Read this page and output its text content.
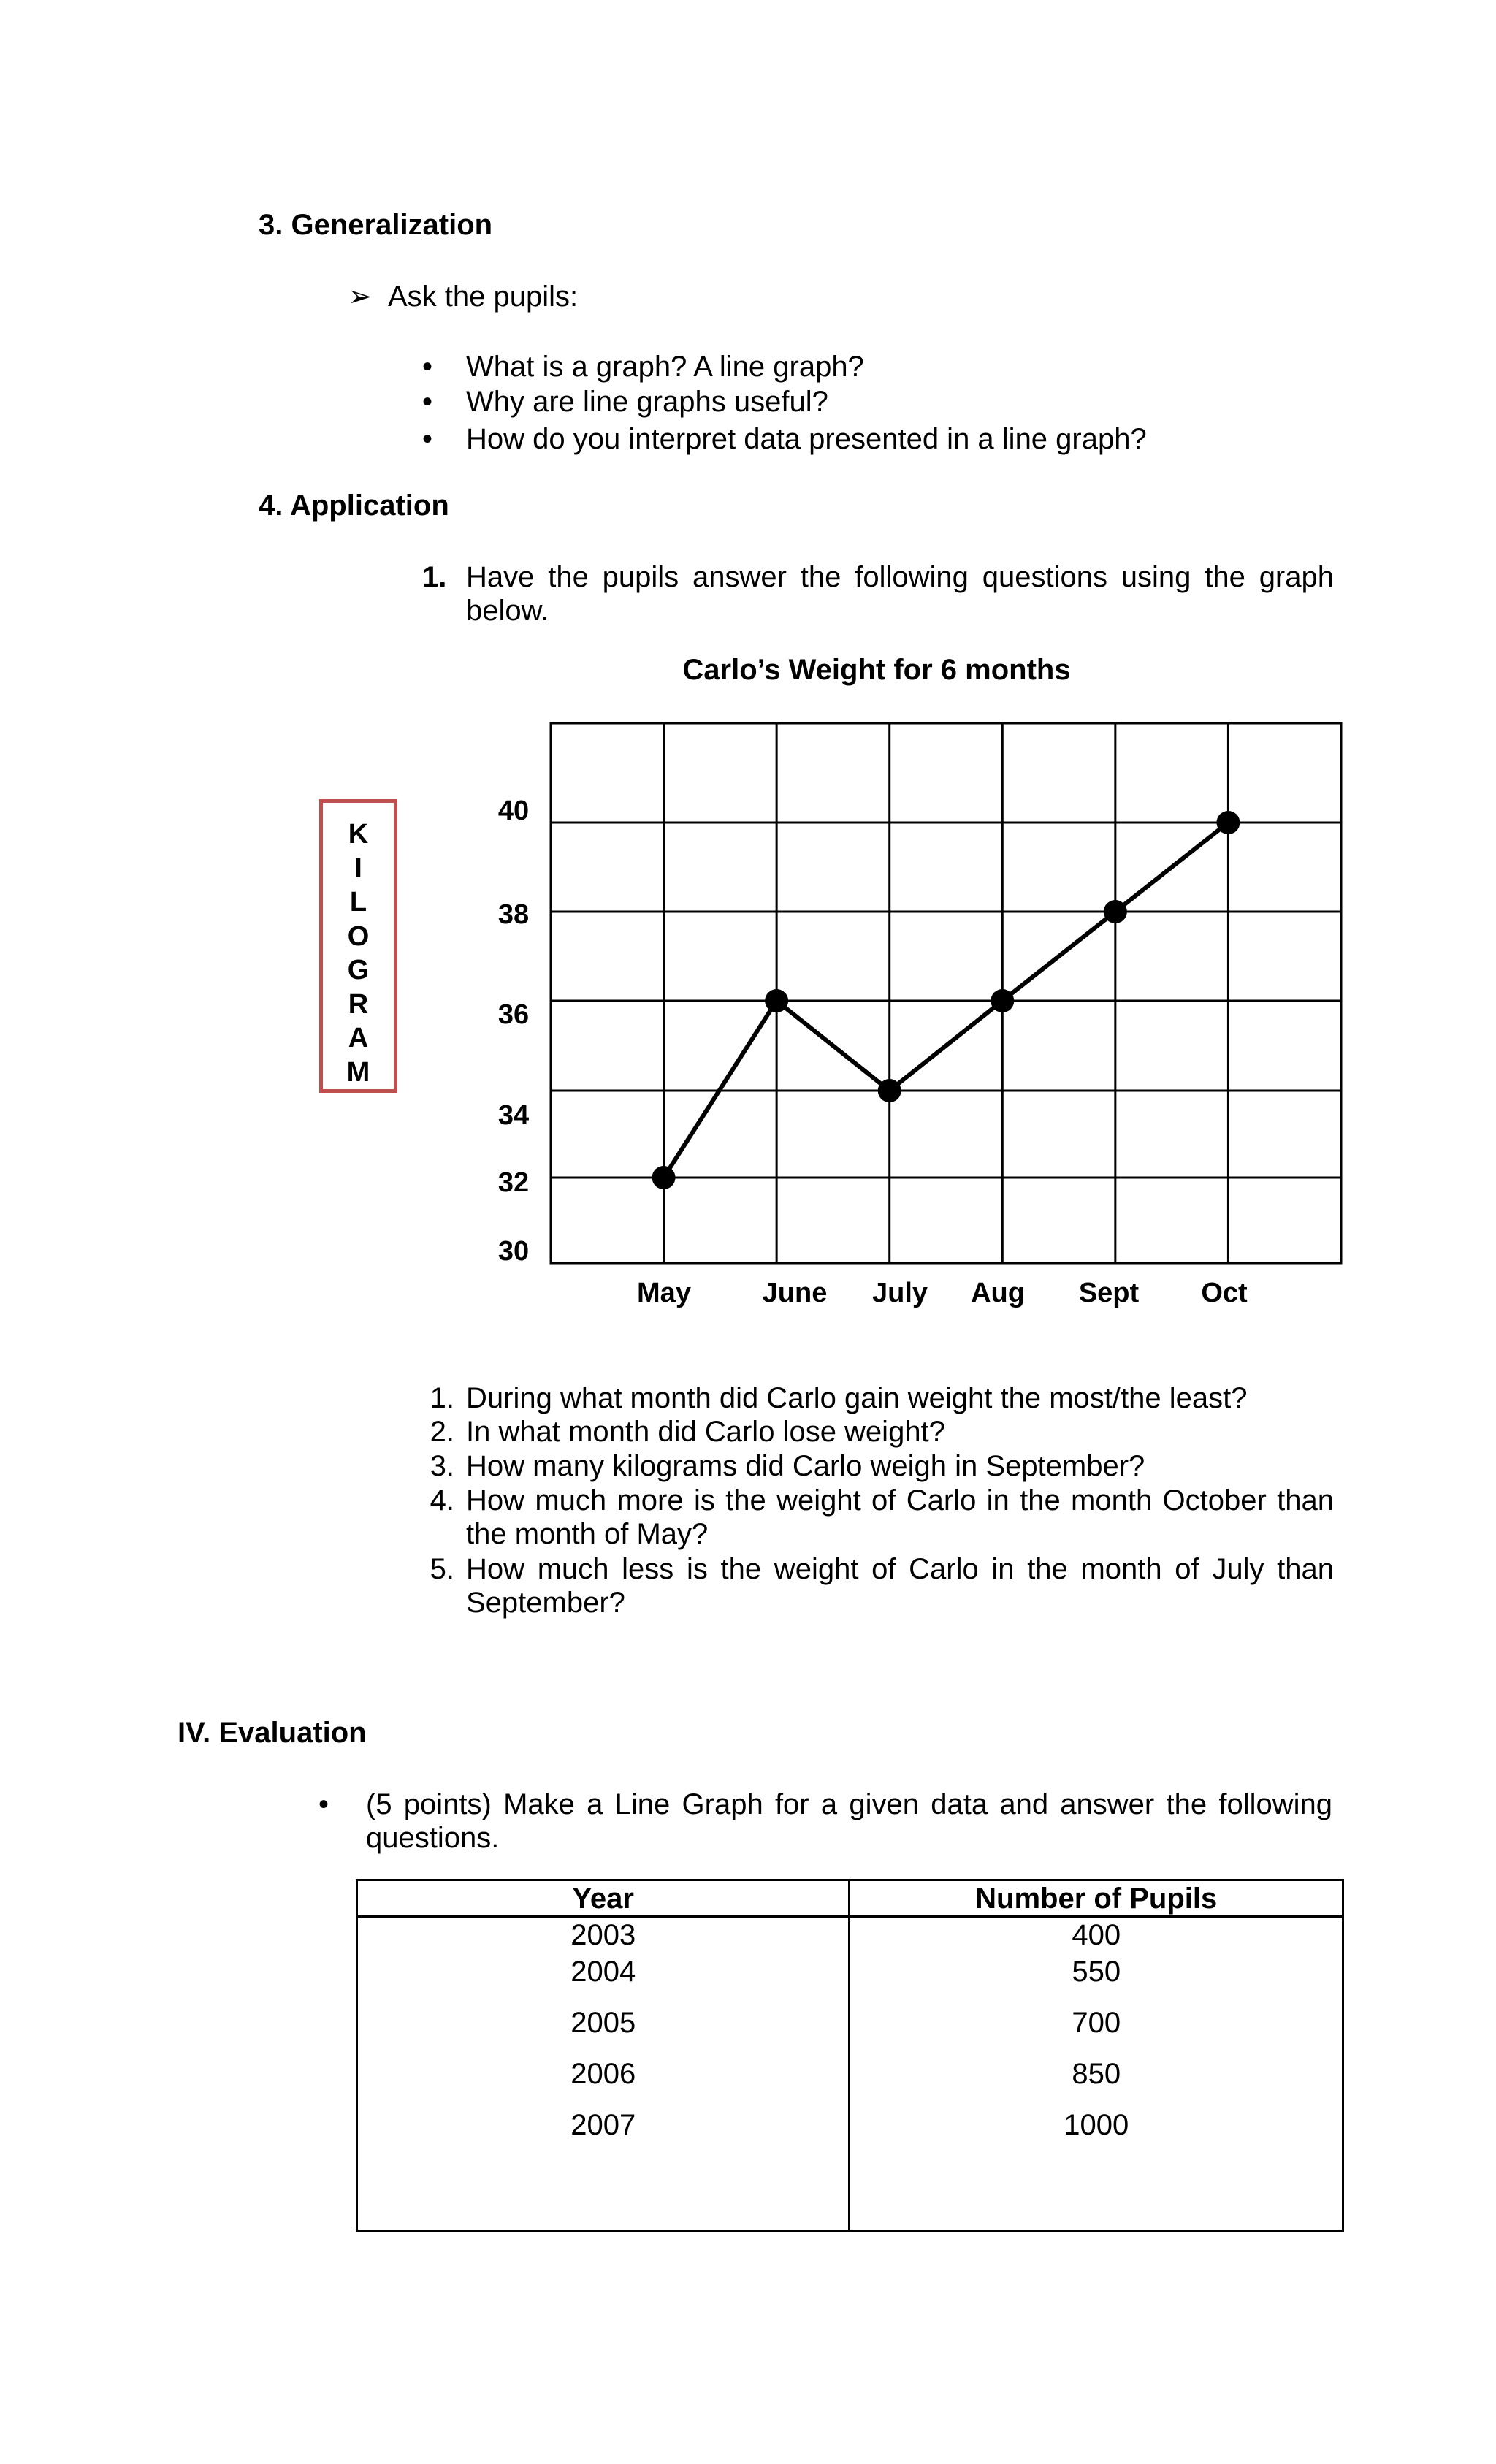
3. Generalization
➢ Ask the pupils:
• What is a graph? A line graph?
• Why are line graphs useful?
• How do you interpret data presented in a line graph?
4. Application
1. Have the pupils answer the following questions using the graph
below.
Carlo’s Weight for 6 months
K
I
L
O
G
R
A
M
30
32
34
36
38
40
May	June July Aug Sept Oct
1. During what month did Carlo gain weight the most/the least?
2. In what month did Carlo lose weight?
3. How many kilograms did Carlo weigh in September?
4. How much more is the weight of Carlo in the month October than
the month of May?
5. How much less is the weight of Carlo in the month of July than
September?
IV. Evaluation
• (5 points) Make a Line Graph for a given data and answer the following
questions.
Year	Number of Pupils
2003	400
2004	550
2005	700
2006	850
2007	1000
